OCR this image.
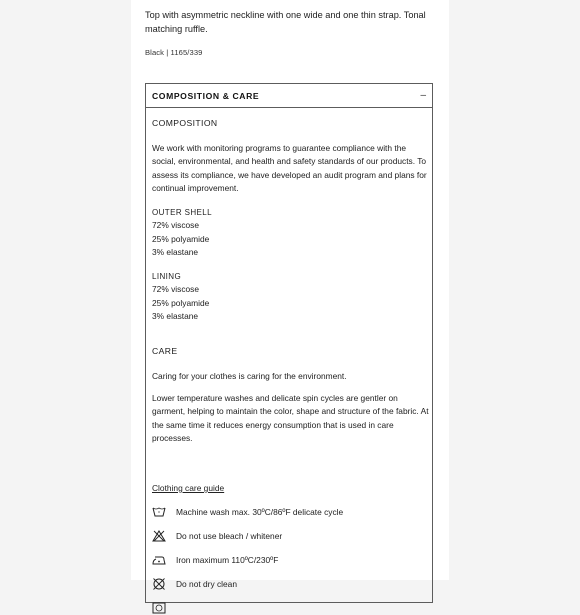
Top with asymmetric neckline with one wide and one thin strap. Tonal matching ruffle.
Black | 1165/339
COMPOSITION & CARE	–
COMPOSITION
We work with monitoring programs to guarantee compliance with the social, environmental, and health and safety standards of our products. To assess its compliance, we have developed an audit program and plans for continual improvement.
OUTER SHELL
72% viscose
25% polyamide
3% elastane
LINING
72% viscose
25% polyamide
3% elastane
CARE
Caring for your clothes is caring for the environment.
Lower temperature washes and delicate spin cycles are gentler on garment, helping to maintain the color, shape and structure of the fabric. At the same time it reduces energy consumption that is used in care processes.
Clothing care guide
Machine wash max. 30ºC/86ºF delicate cycle
Do not use bleach / whitener
Iron maximum 110ºC/230ºF
Do not dry clean
